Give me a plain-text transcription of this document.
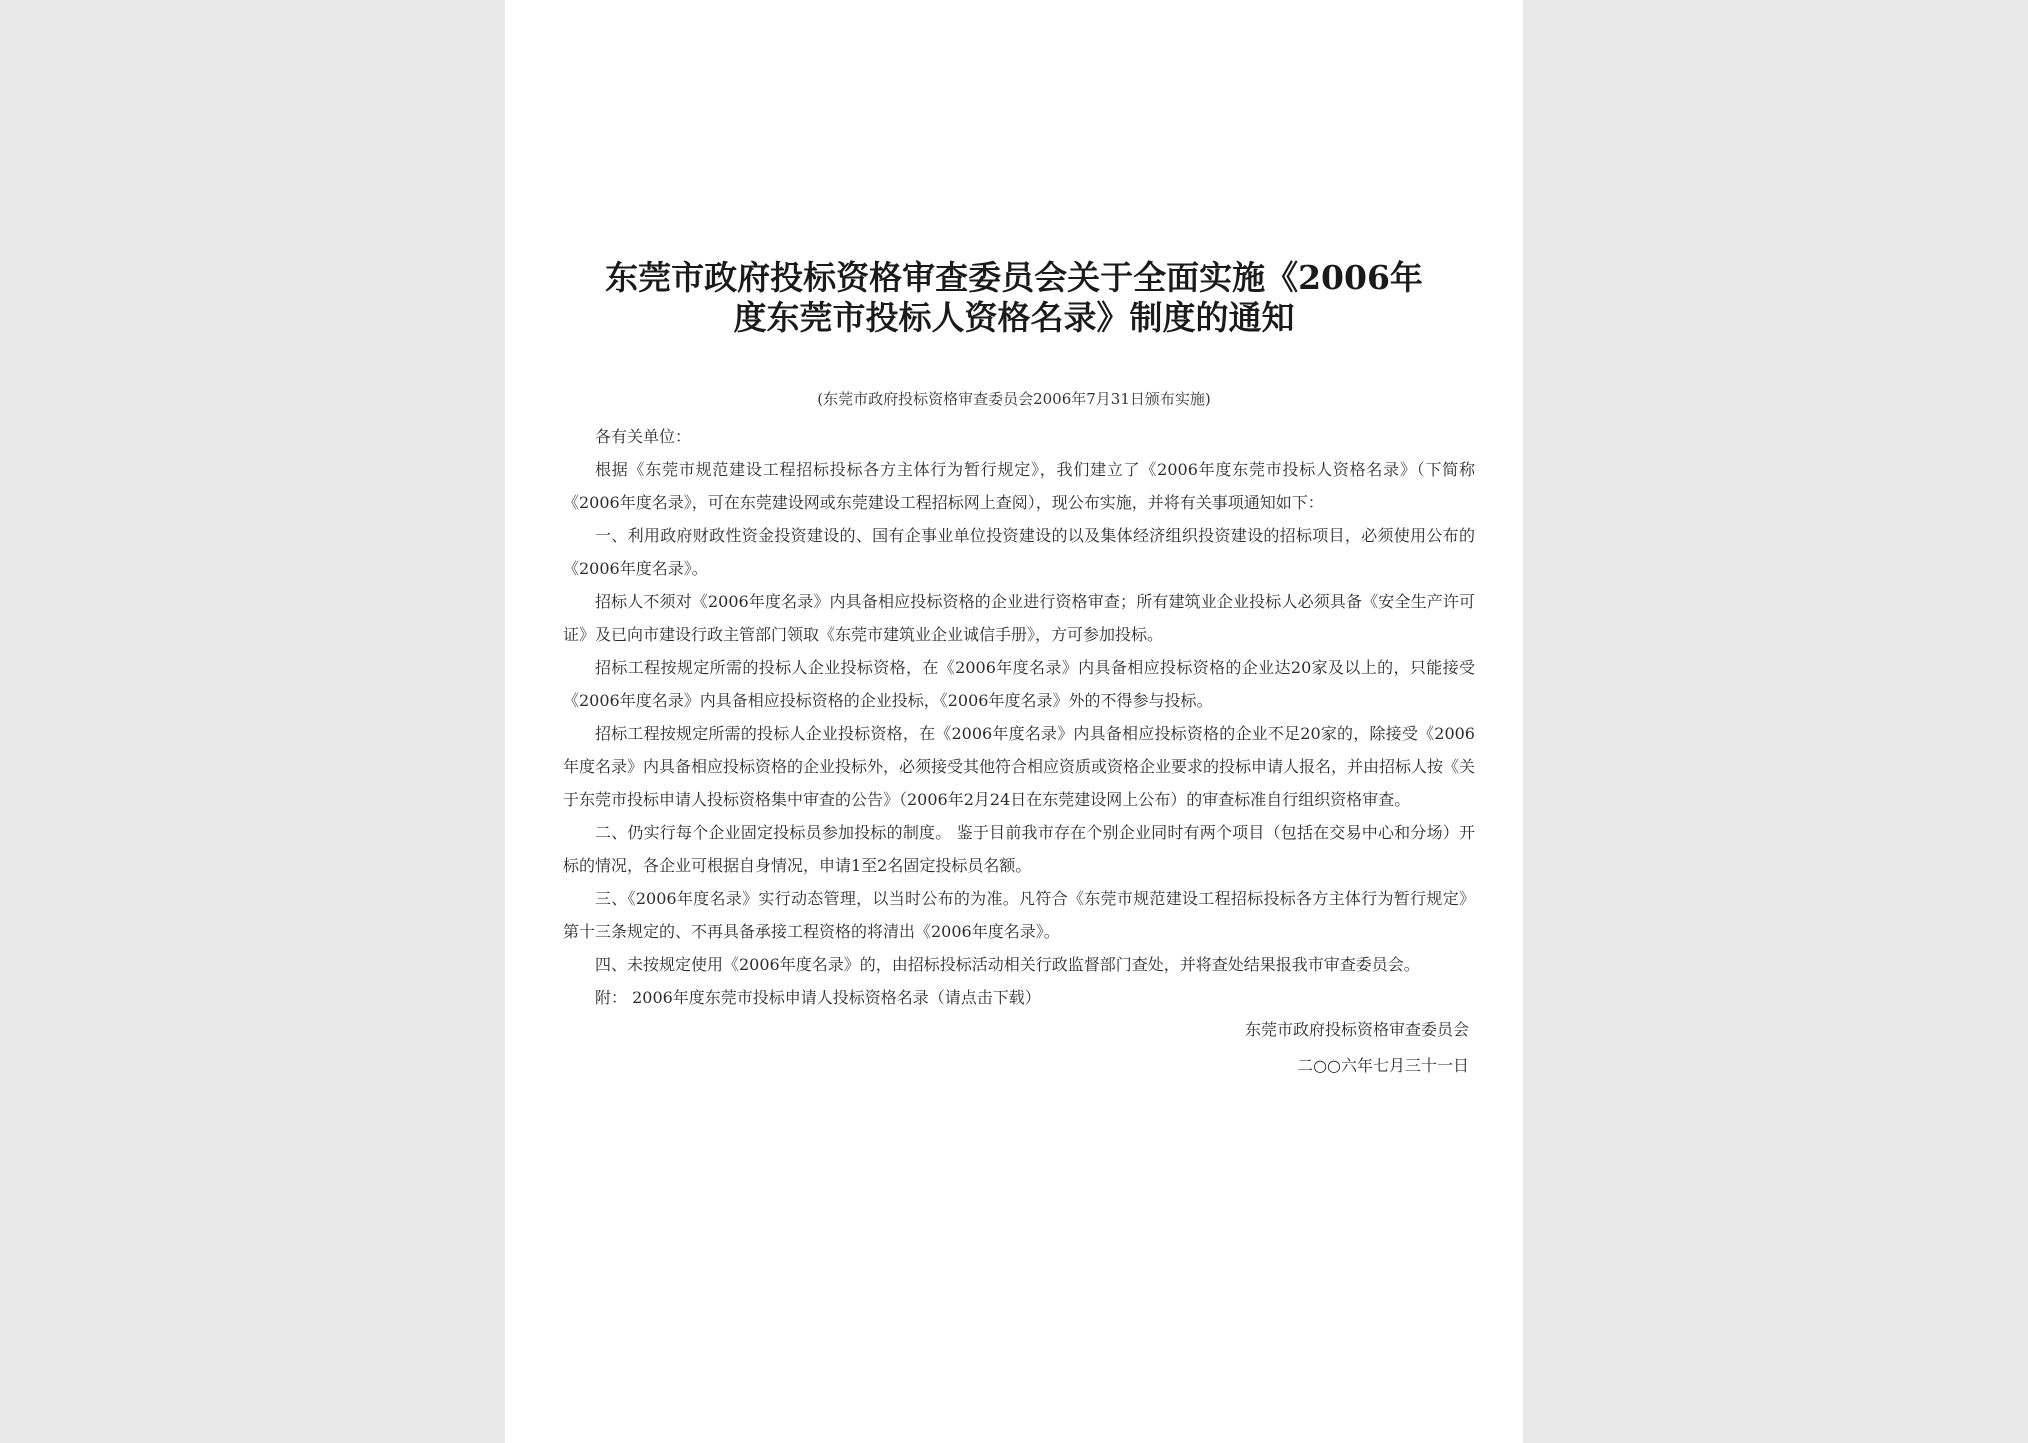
东莞市政府投标资格审查委员会关于全面实施《2006年度东莞市投标人资格名录》制度的通知
(东莞市政府投标资格审查委员会2006年7月31日颁布实施)

各有关单位：

根据《东莞市规范建设工程招标投标各方主体行为暂行规定》，我们建立了《2006年度东莞市投标人资格名录》（下简称《2006年度名录》，可在东莞建设网或东莞建设工程招标网上查阅），现公布实施，并将有关事项通知如下：

一、利用政府财政性资金投资建设的、国有企事业单位投资建设的以及集体经济组织投资建设的招标项目，必须使用公布的《2006年度名录》。

招标人不须对《2006年度名录》内具备相应投标资格的企业进行资格审查；所有建筑业企业投标人必须具备《安全生产许可证》及已向市建设行政主管部门领取《东莞市建筑业企业诚信手册》，方可参加投标。

招标工程按规定所需的投标人企业投标资格，在《2006年度名录》内具备相应投标资格的企业达20家及以上的，只能接受《2006年度名录》内具备相应投标资格的企业投标，《2006年度名录》外的不得参与投标。

招标工程按规定所需的投标人企业投标资格，在《2006年度名录》内具备相应投标资格的企业不足20家的，除接受《2006年度名录》内具备相应投标资格的企业投标外，必须接受其他符合相应资质或资格企业要求的投标申请人报名，并由招标人按《关于东莞市投标申请人投标资格集中审查的公告》（2006年2月24日在东莞建设网上公布）的审查标准自行组织资格审查。

二、仍实行每个企业固定投标员参加投标的制度。 鉴于目前我市存在个别企业同时有两个项目（包括在交易中心和分场）开标的情况，各企业可根据自身情况，申请1至2名固定投标员名额。

三、《2006年度名录》实行动态管理，以当时公布的为准。凡符合《东莞市规范建设工程招标投标各方主体行为暂行规定》第十三条规定的、不再具备承接工程资格的将清出《2006年度名录》。

四、未按规定使用《2006年度名录》的，由招标投标活动相关行政监督部门查处，并将查处结果报我市审查委员会。

附： 2006年度东莞市投标申请人投标资格名录（请点击下载）

东莞市政府投标资格审查委员会
二○○六年七月三十一日
